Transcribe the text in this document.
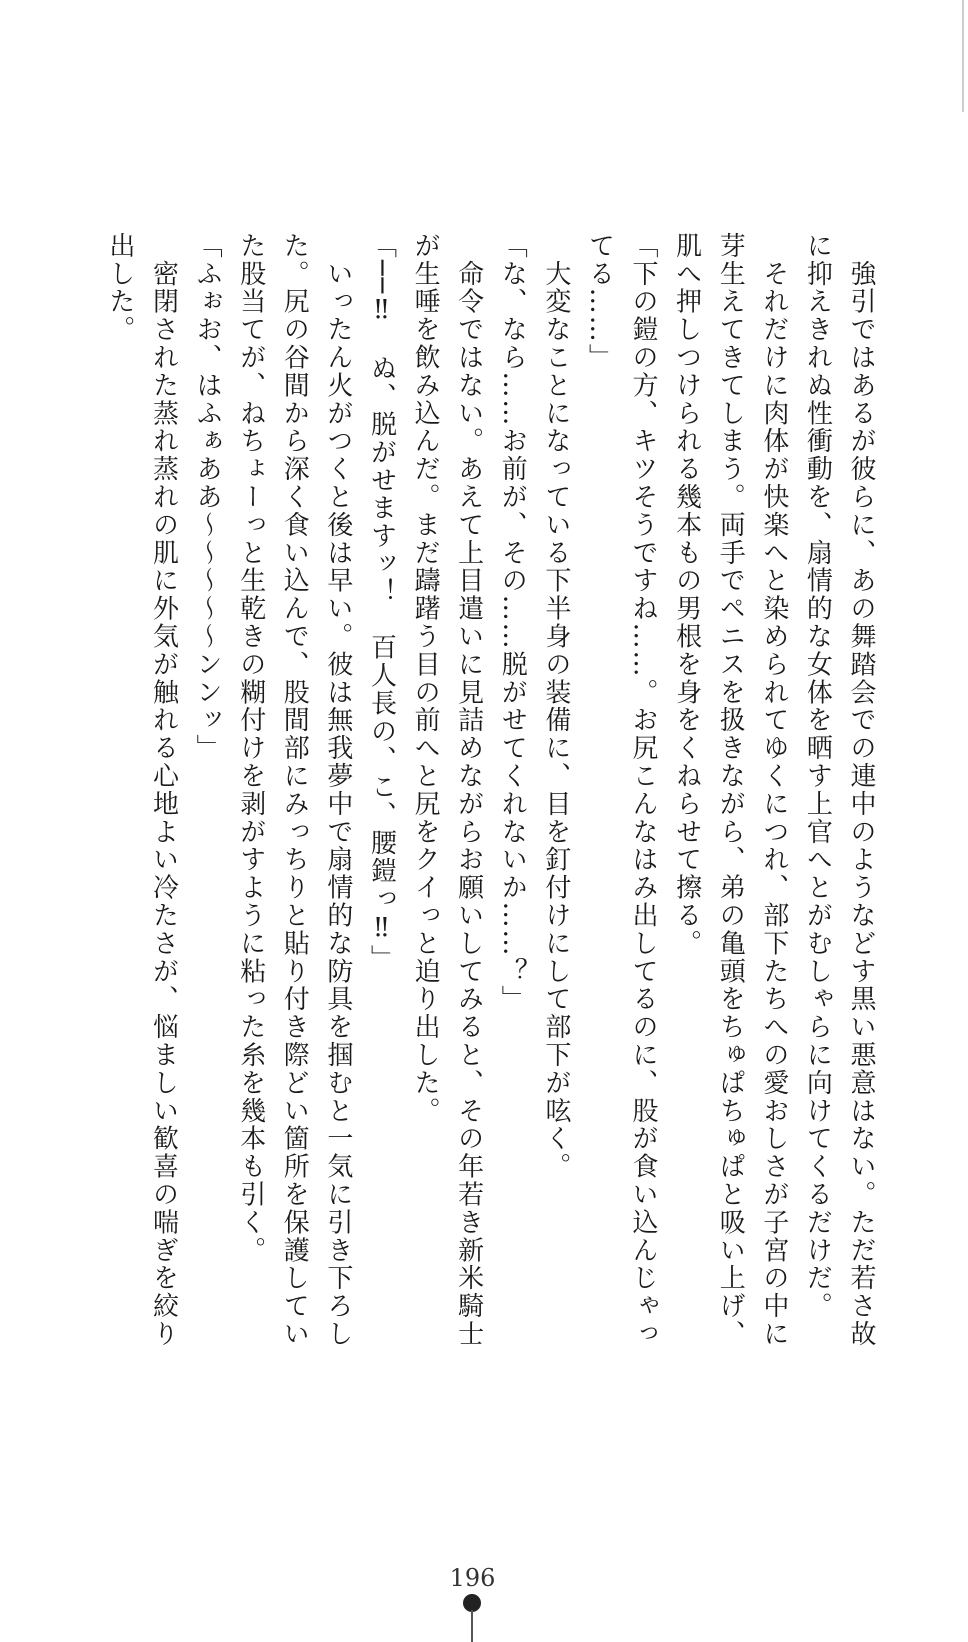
　強引ではあるが彼らに、あの舞踏会での連中のようなどす黒い悪意はない。ただ若さ故
に抑えきれぬ性衝動を、扇情的な女体を晒す上官へとがむしゃらに向けてくるだけだ。
　それだけに肉体が快楽へと染められてゆくにつれ、部下たちへの愛おしさが子宮の中に
芽生えてきてしまう。両手でペニスを扱きながら、弟の亀頭をちゅぱちゅぱと吸い上げ、
肌へ押しつけられる幾本もの男根を身をくねらせて擦る。
「下の鎧の方、キツそうですね……。お尻こんなはみ出してるのに、股が食い込んじゃっ
てる……」
　大変なことになっている下半身の装備に、目を釘付けにして部下が呟く。
「な、なら……お前が、その……脱がせてくれないか……？」
　命令ではない。あえて上目遣いに見詰めながらお願いしてみると、その年若き新米騎士
が生唾を飲み込んだ。まだ躊躇う目の前へと尻をクイっと迫り出した。
「──‼　ぬ、脱がせますッ！　百人長の、こ、腰鎧っ‼」
　いったん火がつくと後は早い。彼は無我夢中で扇情的な防具を掴むと一気に引き下ろし
た。尻の谷間から深く食い込んで、股間部にみっちりと貼り付き際どい箇所を保護してい
た股当てが、ねちょーっと生乾きの糊付けを剥がすように粘った糸を幾本も引く。
「ふぉお、はふぁああ〜〜〜〜〜ンンッ」
　密閉された蒸れ蒸れの肌に外気が触れる心地よい冷たさが、悩ましい歓喜の喘ぎを絞り
出した。
196
